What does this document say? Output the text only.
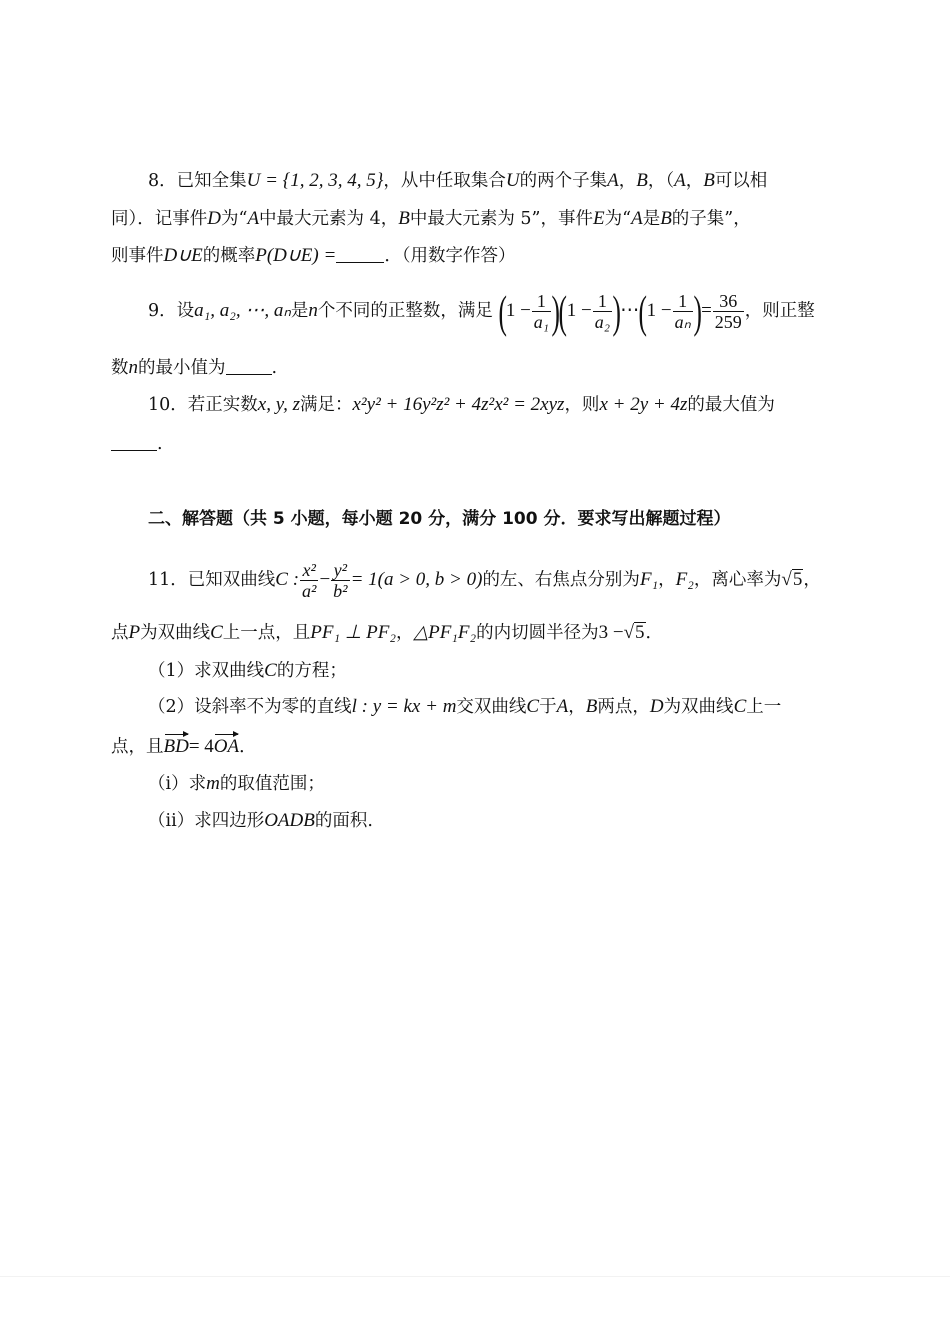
8．已知全集U = {1, 2, 3, 4, 5}，从中任取集合U的两个子集A，B，（A，B可以相
同）．记事件D为“A中最大元素为 4，B中最大元素为 5”，事件E为“A是B的子集”，
则事件D∪E的概率P(D∪E) =	．（用数字作答）
9．设a₁, a₂, ⋯, aₙ是n个不同的正整数，满足 $(1 - \frac{1}{\text{a₁}} )(1 - \frac{1}{\text{a₂}}$ )⋯(1 − $\frac{1}{\text{aₙ}}$ )= $\frac{36}{259}$ ，则正整
数n的最小值为	.
10．若正实数x, y, z满足：x²y² + 16y²z² + 4z²x² = 2xyz，则x + 2y + 4z的最大值为
.
二、解答题（共 5 小题，每小题 20 分，满分 100 分．要求写出解题过程）
11．已知双曲线C : $\frac{\text{x²}}{\text{a²}} - \frac{\text{y²}}{\text{b²}} = 1(a > 0$, b > 0)的左、右焦点分别为F₁，F₂，离心率为√5，
点P为双曲线C上一点，且PF₁ ⊥ PF₂，△PF₁F₂的内切圆半径为3 −√5．
（1）求双曲线C的方程；
（2）设斜率不为零的直线l : y = kx + m交双曲线C于A，B两点，D为双曲线C上一
点，且BD= 4OA．
（i）求m的取值范围；
（ii）求四边形OADB的面积.
